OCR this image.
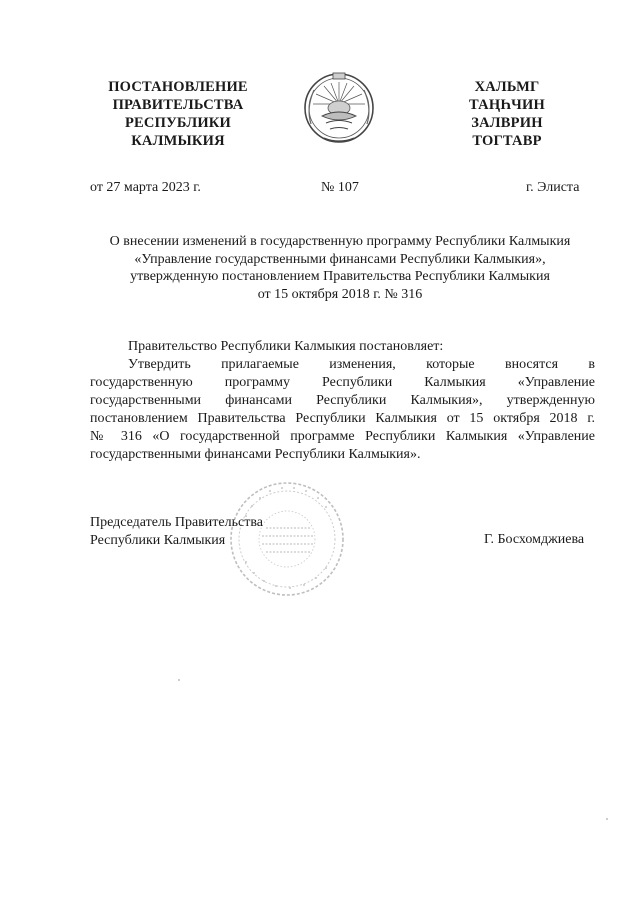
ПОСТАНОВЛЕНИЕ
ПРАВИТЕЛЬСТВА
РЕСПУБЛИКИ
КАЛМЫКИЯ
ХАЛЬМГ
ТАҢҺЧИН
ЗАЛВРИН
ТОГТАВР
от 27 марта 2023 г.	№ 107	г. Элиста
О внесении изменений в государственную программу Республики Калмыкия
«Управление государственными финансами Республики Калмыкия»,
утвержденную постановлением Правительства Республики Калмыкия
от 15 октября 2018 г. № 316
Правительство Республики Калмыкия постановляет:
Утвердить прилагаемые изменения, которые вносятся в
государственную программу Республики Калмыкия «Управление
государственными финансами Республики Калмыкия», утвержденную
постановлением Правительства Республики Калмыкия от 15 октября 2018 г.
№ 316 «О государственной программе Республики Калмыкия «Управление
государственными финансами Республики Калмыкия».
Председатель Правительства
Республики Калмыкия	Г. Босхомджиева
